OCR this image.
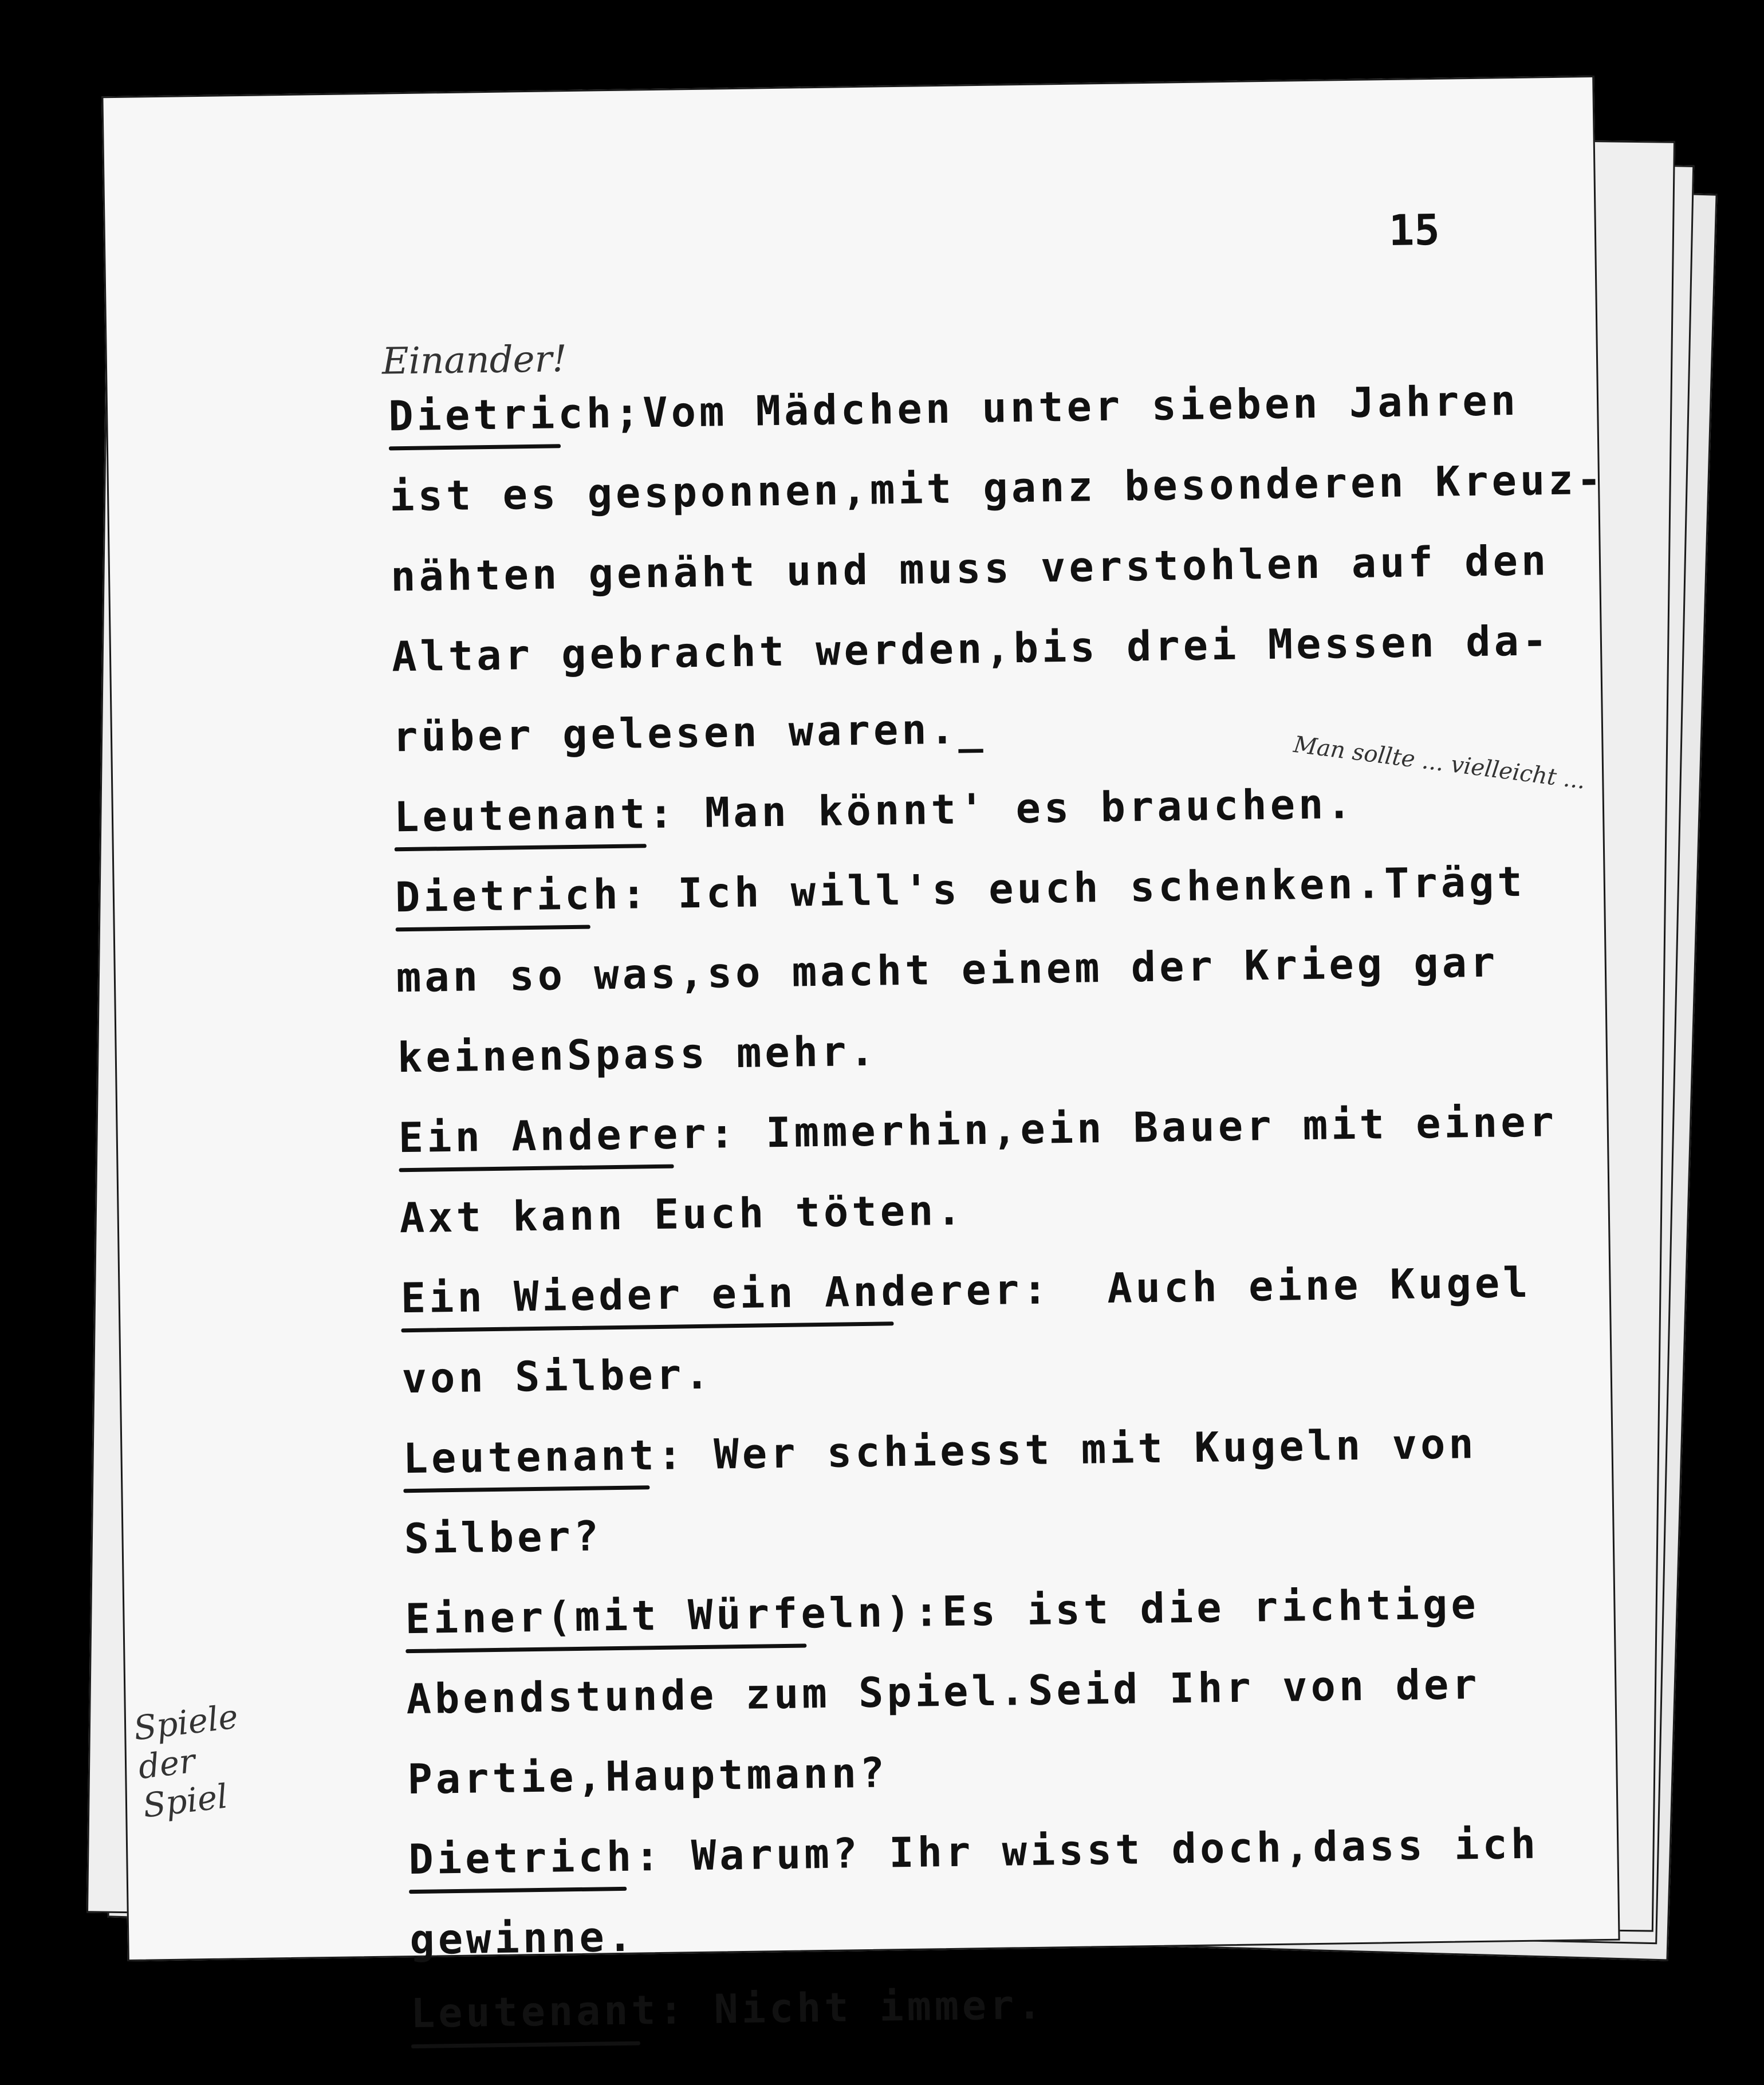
15
Einander!
Dietrich;Vom Mädchen unter sieben Jahren
ist es gesponnen,mit ganz besonderen Kreuz-
nähten genäht und muss verstohlen auf den
Altar gebracht werden,bis drei Messen da-
rüber gelesen waren._
Leutenant: Man könnt' es brauchen.
Dietrich: Ich will's euch schenken.Trägt
man so was,so macht einem der Krieg gar
keinenSpass mehr.
Ein Anderer: Immerhin,ein Bauer mit einer
Axt kann Euch töten.
Ein Wieder ein Anderer:  Auch eine Kugel
von Silber.
Leutenant: Wer schiesst mit Kugeln von
Silber?
Einer(mit Würfeln):Es ist die richtige
Abendstunde zum Spiel.Seid Ihr von der
Partie,Hauptmann?
Dietrich: Warum? Ihr wisst doch,dass ich
gewinne.
Leutenant: Nicht immer.
Man sollte ... vielleicht ...
Spiele der Spiel
